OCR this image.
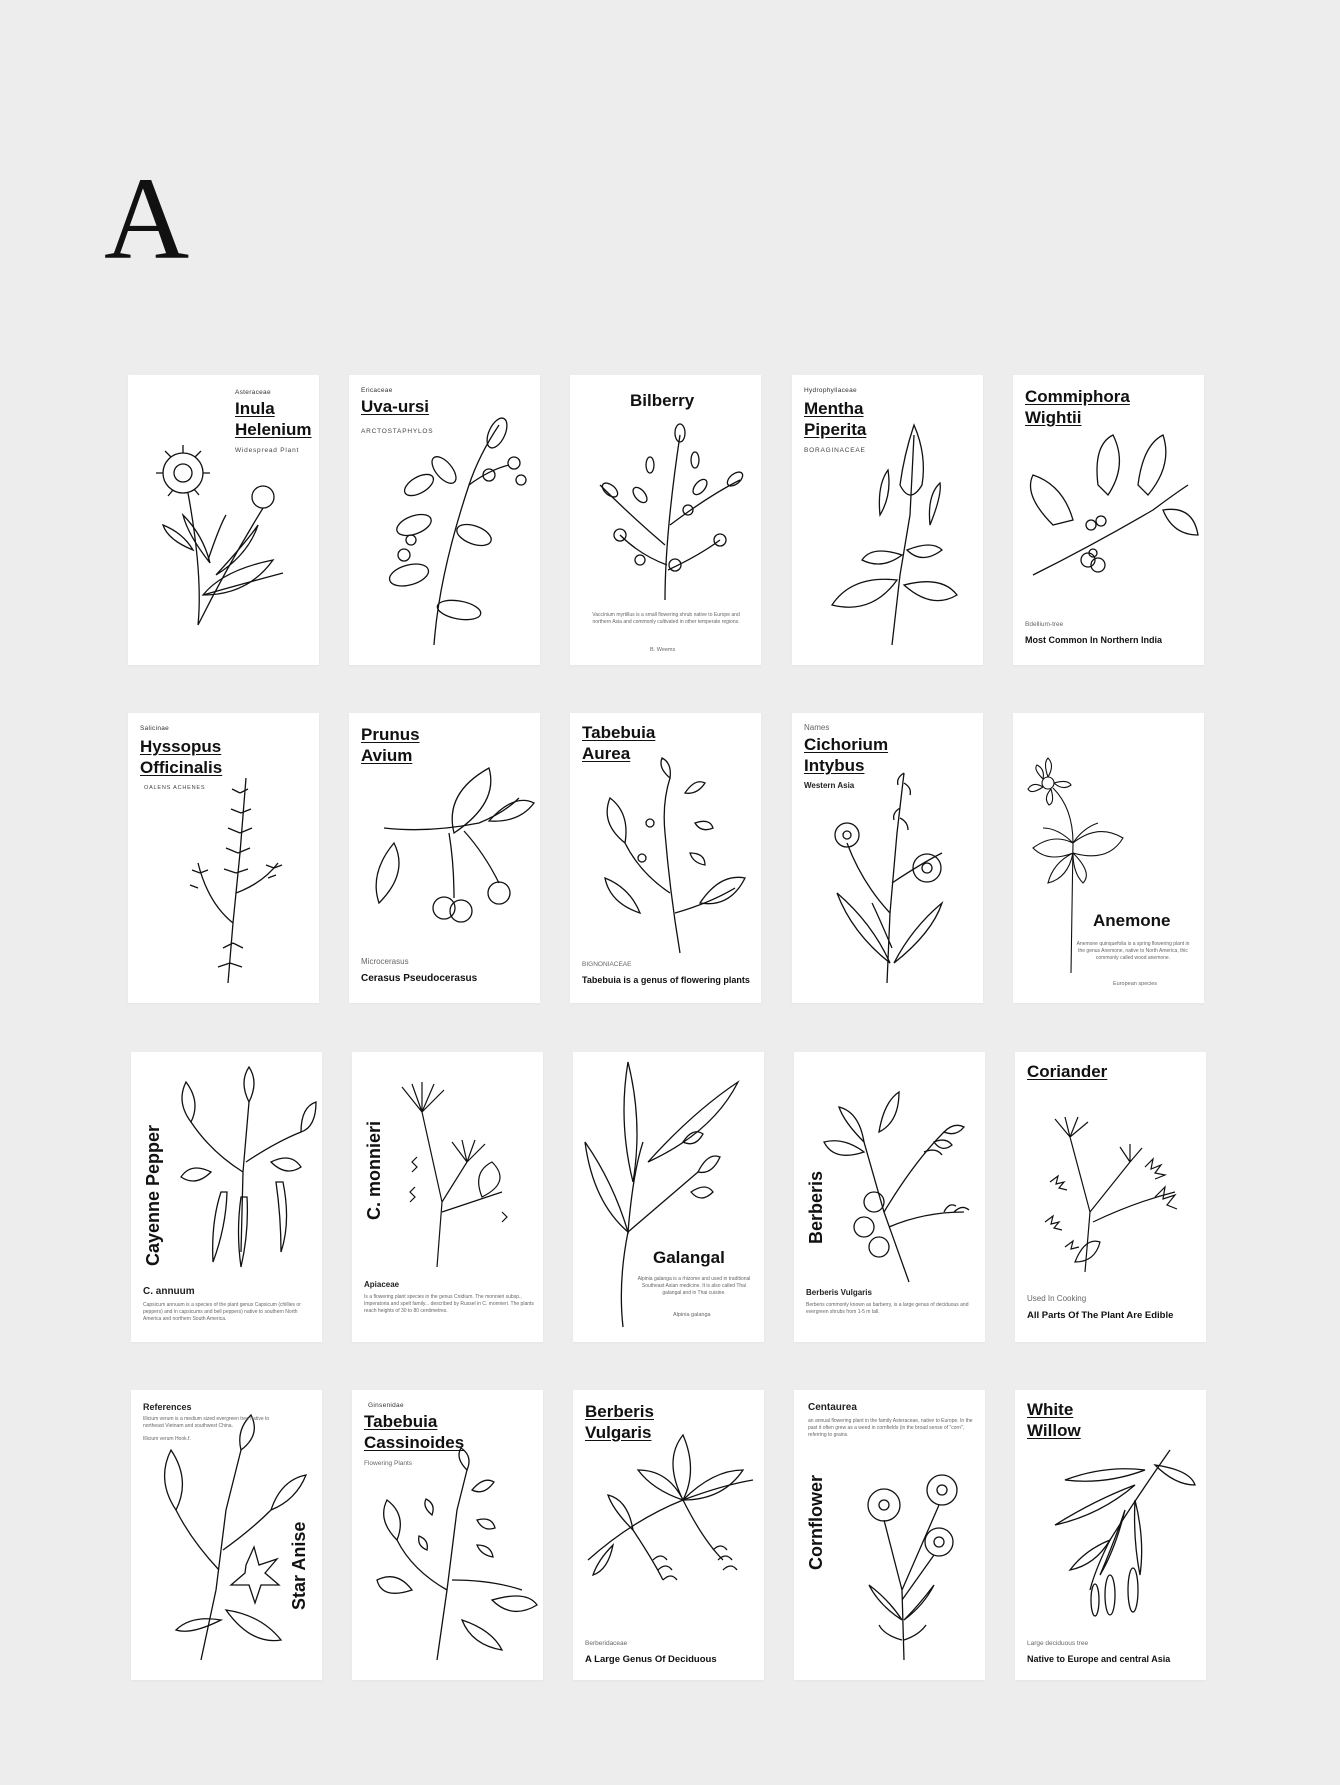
A
Asteraceae
Inula
Helenium
Widespread Plant
Ericaceae
Uva-ursi
ARCTOSTAPHYLOS
Bilberry
Vaccinium myrtillus is a small flowering shrub native to Europe and northern Asia and commonly cultivated in other temperate regions.
B. Weems
Hydrophyllaceae
Mentha
Piperita
BORAGINACEAE
Commiphora
Wightii
Bdellium-tree
Most Common In Northern India
Salicinae
Hyssopus
Officinalis
OALENS ACHENES
Prunus
Avium
Microcerasus
Cerasus Pseudocerasus
Tabebuia
Aurea
BIGNONIACEAE
Tabebuia is a genus of flowering plants
Names
Cichorium
Intybus
Western Asia
Anemone
Anemone quinquefolia is a spring flowering plant in the genus Anemone, native to North America, thic commonly called wood anemone.
European species
Cayenne Pepper
C. annuum
Capsicum annuum is a species of the plant genus Capsicum (chillies or peppers) and in capsicums and bell peppers) native to southern North America and northern South America.
C. monnieri
Apiaceae
Is a flowering plant species in the genus Cnidium. The monnieri subsp., Imperatoria and spelt family... described by Russel in C. monnieri. The plants reach heights of 30 to 80 centimetres.
Galangal
Alpinia galanga is a rhizome and used in traditional Southeast Asian medicine. It is also called Thai galangal and in Thai cuisine.
Alpinia galanga
Berberis
Berberis Vulgaris
Berberis commonly known as barberry, is a large genus of deciduous and evergreen shrubs from 1-5 m tall.
Coriander
Used In Cooking
All Parts Of The Plant Are Edible
References
Illicium verum is a medium sized evergreen tree native to northeast Vietnam and southwest China.
Illicium verum Hook.f.
Star Anise
Ginsenidae
Tabebuia
Cassinoides
Flowering Plants
Berberis
Vulgaris
Berberidaceae
A Large Genus Of Deciduous
Centaurea
an annual flowering plant in the family Asteraceae, native to Europe. In the past it often grew as a weed in cornfields (in the broad sense of "corn", referring to grains.
Cornflower
White
Willow
Large deciduous tree
Native to Europe and central Asia
